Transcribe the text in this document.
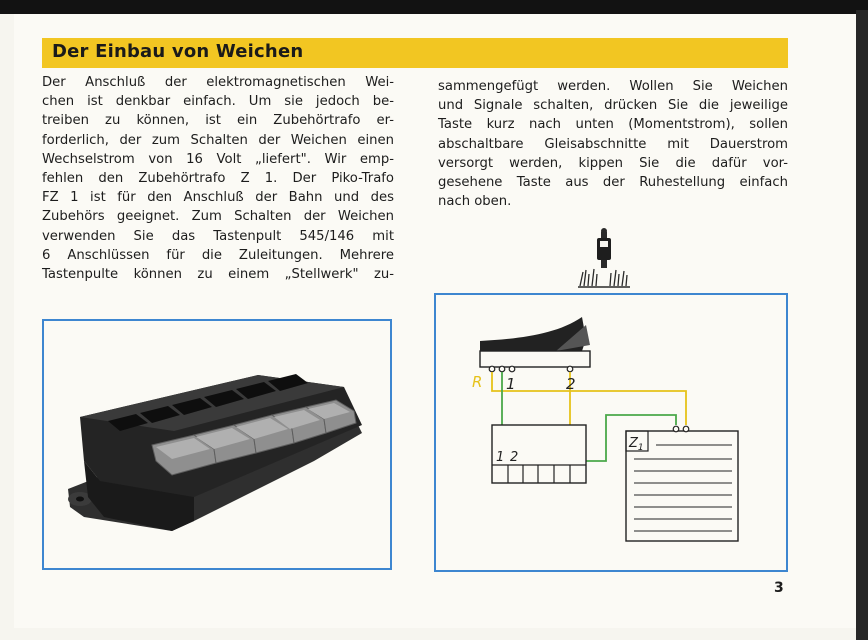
Der Einbau von Weichen

Der Anschluß der elektromagnetischen Wei-

chen ist denkbar einfach. Um sie jedoch be-

treiben zu können, ist ein Zubehörtrafo er-

forderlich, der zum Schalten der Weichen einen

Wechselstrom von 16 Volt „liefert". Wir emp-

fehlen den Zubehörtrafo Z 1. Der Piko-Trafo

FZ 1 ist für den Anschluß der Bahn und des

Zubehörs geeignet. Zum Schalten der Weichen

verwenden Sie das Tastenpult 545/146 mit

6 Anschlüssen für die Zuleitungen. Mehrere

Tastenpulte können zu einem „Stellwerk" zu-

sammengefügt werden. Wollen Sie Weichen

und Signale schalten, drücken Sie die jeweilige

Taste kurz nach unten (Momentstrom), sollen

abschaltbare Gleisabschnitte mit Dauerstrom

versorgt werden, kippen Sie die dafür vor-

gesehene Taste aus der Ruhestellung einfach

nach oben.

R 1	2
1 2
$Z_1$
3
